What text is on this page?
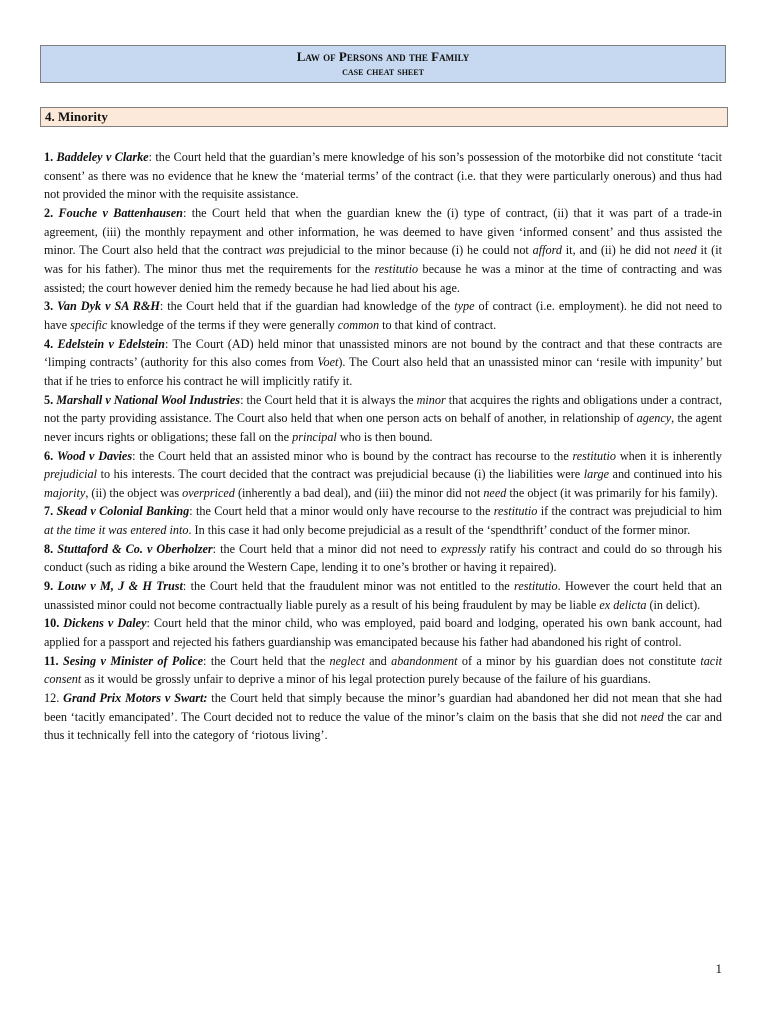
Law of Persons and the Family
case cheat sheet
4. Minority

1. Baddeley v Clarke: the Court held that the guardian’s mere knowledge of his son’s possession of the motorbike did not constitute ‘tacit consent’ as there was no evidence that he knew the ‘material terms’ of the contract (i.e. that they were particularly onerous) and thus had not provided the minor with the requisite assistance.

2. Fouche v Battenhausen: the Court held that when the guardian knew the (i) type of contract, (ii) that it was part of a trade-in agreement, (iii) the monthly repayment and other information, he was deemed to have given ‘informed consent’ and thus assisted the minor. The Court also held that the contract was prejudicial to the minor because (i) he could not afford it, and (ii) he did not need it (it was for his father). The minor thus met the requirements for the restitutio because he was a minor at the time of contracting and was assisted; the court however denied him the remedy because he had lied about his age.

3. Van Dyk v SA R&H: the Court held that if the guardian had knowledge of the type of contract (i.e. employment). he did not need to have specific knowledge of the terms if they were generally common to that kind of contract.

4. Edelstein v Edelstein: The Court (AD) held minor that unassisted minors are not bound by the contract and that these contracts are ‘limping contracts’ (authority for this also comes from Voet). The Court also held that an unassisted minor can ‘resile with impunity’ but that if he tries to enforce his contract he will implicitly ratify it.

5. Marshall v National Wool Industries: the Court held that it is always the minor that acquires the rights and obligations under a contract, not the party providing assistance. The Court also held that when one person acts on behalf of another, in relationship of agency, the agent never incurs rights or obligations; these fall on the principal who is then bound.

6. Wood v Davies: the Court held that an assisted minor who is bound by the contract has recourse to the restitutio when it is inherently prejudicial to his interests. The court decided that the contract was prejudicial because (i) the liabilities were large and continued into his majority, (ii) the object was overpriced (inherently a bad deal), and (iii) the minor did not need the object (it was primarily for his family).

7. Skead v Colonial Banking: the Court held that a minor would only have recourse to the restitutio if the contract was prejudicial to him at the time it was entered into. In this case it had only become prejudicial as a result of the ‘spendthrift’ conduct of the former minor.

8. Stuttaford & Co. v Oberholzer: the Court held that a minor did not need to expressly ratify his contract and could do so through his conduct (such as riding a bike around the Western Cape, lending it to one’s brother or having it repaired).

9. Louw v M, J & H Trust: the Court held that the fraudulent minor was not entitled to the restitutio. However the court held that an unassisted minor could not become contractually liable purely as a result of his being fraudulent by may be liable ex delicta (in delict).

10. Dickens v Daley: Court held that the minor child, who was employed, paid board and lodging, operated his own bank account, had applied for a passport and rejected his fathers guardianship was emancipated because his father had abandoned his right of control.

11. Sesing v Minister of Police: the Court held that the neglect and abandonment of a minor by his guardian does not constitute tacit consent as it would be grossly unfair to deprive a minor of his legal protection purely because of the failure of his guardians.

12. Grand Prix Motors v Swart: the Court held that simply because the minor’s guardian had abandoned her did not mean that she had been ‘tacitly emancipated’. The Court decided not to reduce the value of the minor’s claim on the basis that she did not need the car and thus it technically fell into the category of ‘riotous living’.

1
